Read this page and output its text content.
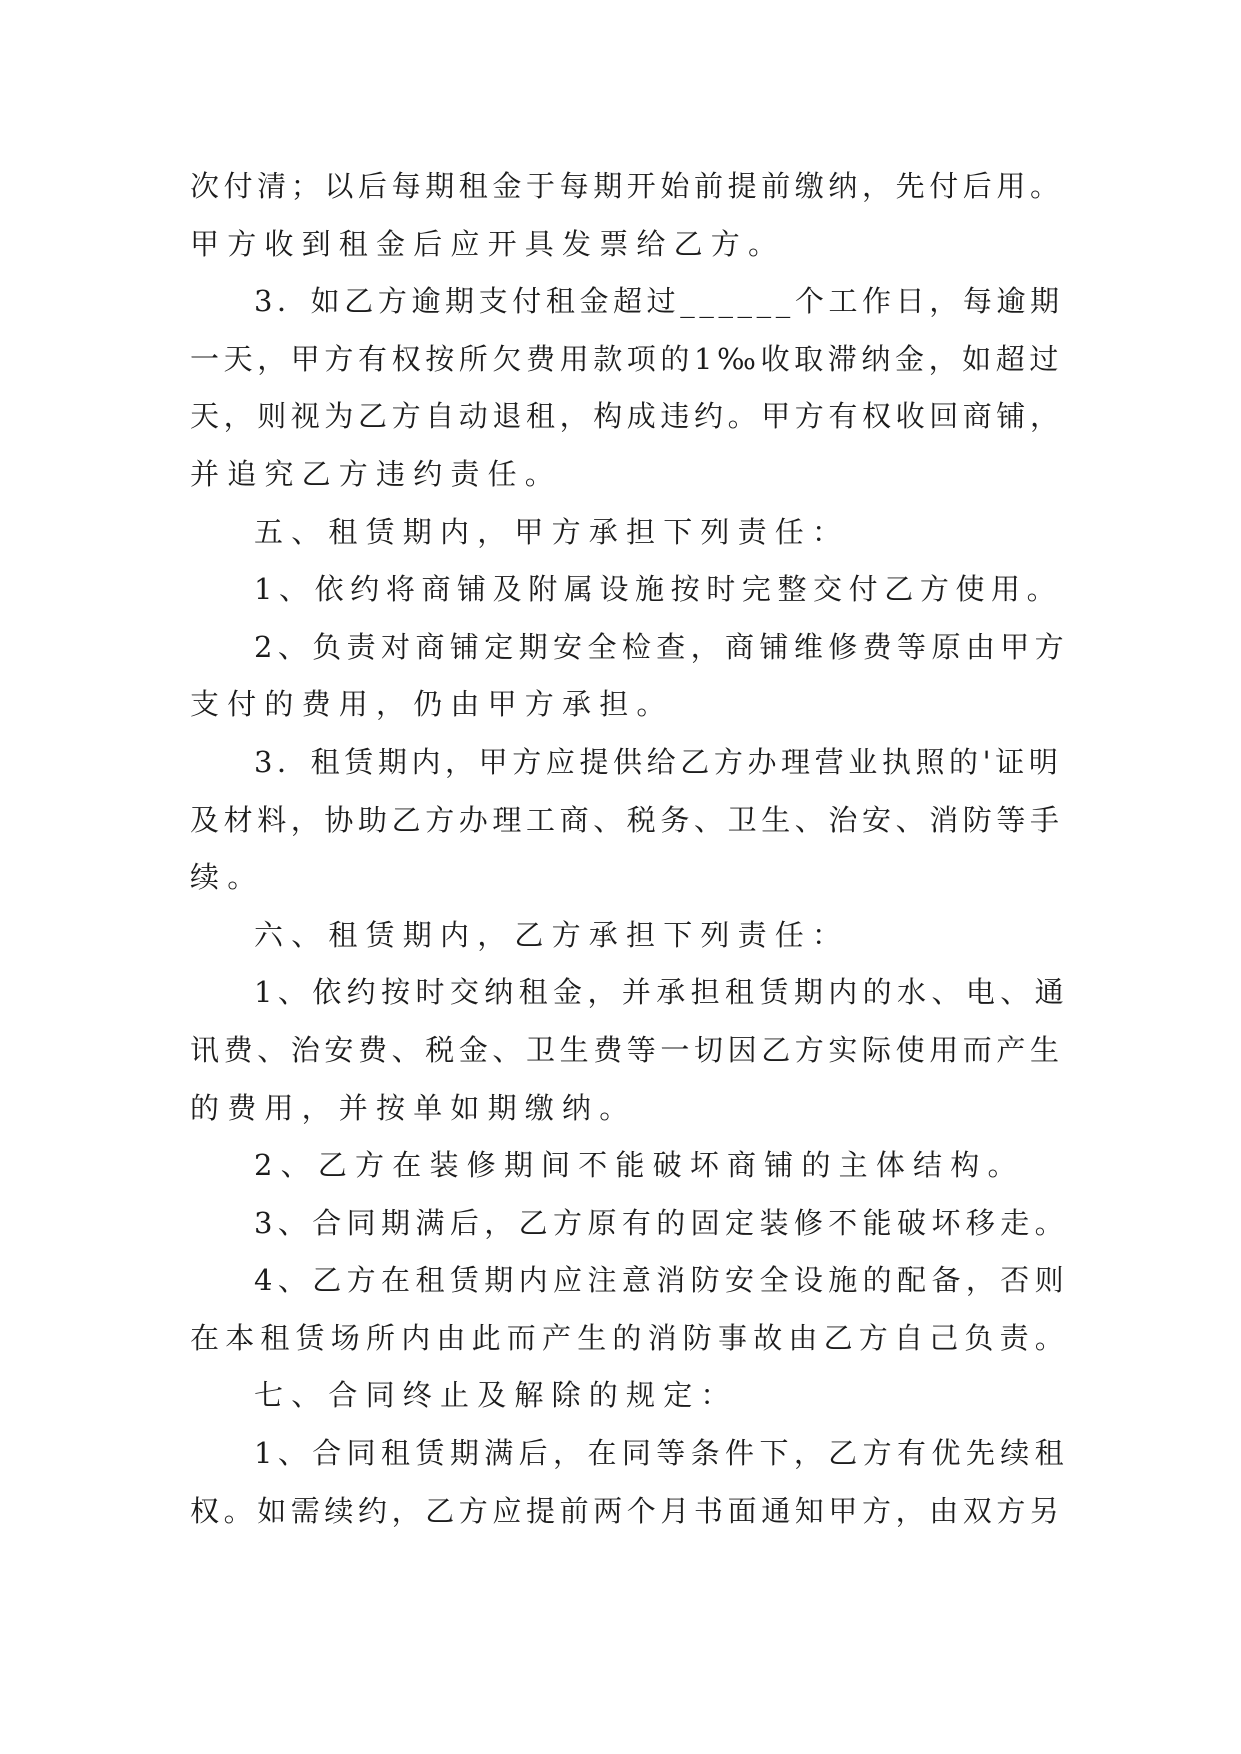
次付清；以后每期租金于每期开始前提前缴纳，先付后用。
甲方收到租金后应开具发票给乙方。
3．如乙方逾期支付租金超过______个工作日，每逾期
一天，甲方有权按所欠费用款项的1‰收取滞纳金，如超过
天，则视为乙方自动退租，构成违约。甲方有权收回商铺，
并追究乙方违约责任。
五、租赁期内，甲方承担下列责任：
1、依约将商铺及附属设施按时完整交付乙方使用。
2、负责对商铺定期安全检查，商铺维修费等原由甲方
支付的费用，仍由甲方承担。
3．租赁期内，甲方应提供给乙方办理营业执照的'证明
及材料，协助乙方办理工商、税务、卫生、治安、消防等手
续。
六、租赁期内，乙方承担下列责任：
1、依约按时交纳租金，并承担租赁期内的水、电、通
讯费、治安费、税金、卫生费等一切因乙方实际使用而产生
的费用，并按单如期缴纳。
2、乙方在装修期间不能破坏商铺的主体结构。
3、合同期满后，乙方原有的固定装修不能破坏移走。
4、乙方在租赁期内应注意消防安全设施的配备，否则
在本租赁场所内由此而产生的消防事故由乙方自己负责。
七、合同终止及解除的规定：
1、合同租赁期满后，在同等条件下，乙方有优先续租
权。如需续约，乙方应提前两个月书面通知甲方，由双方另
